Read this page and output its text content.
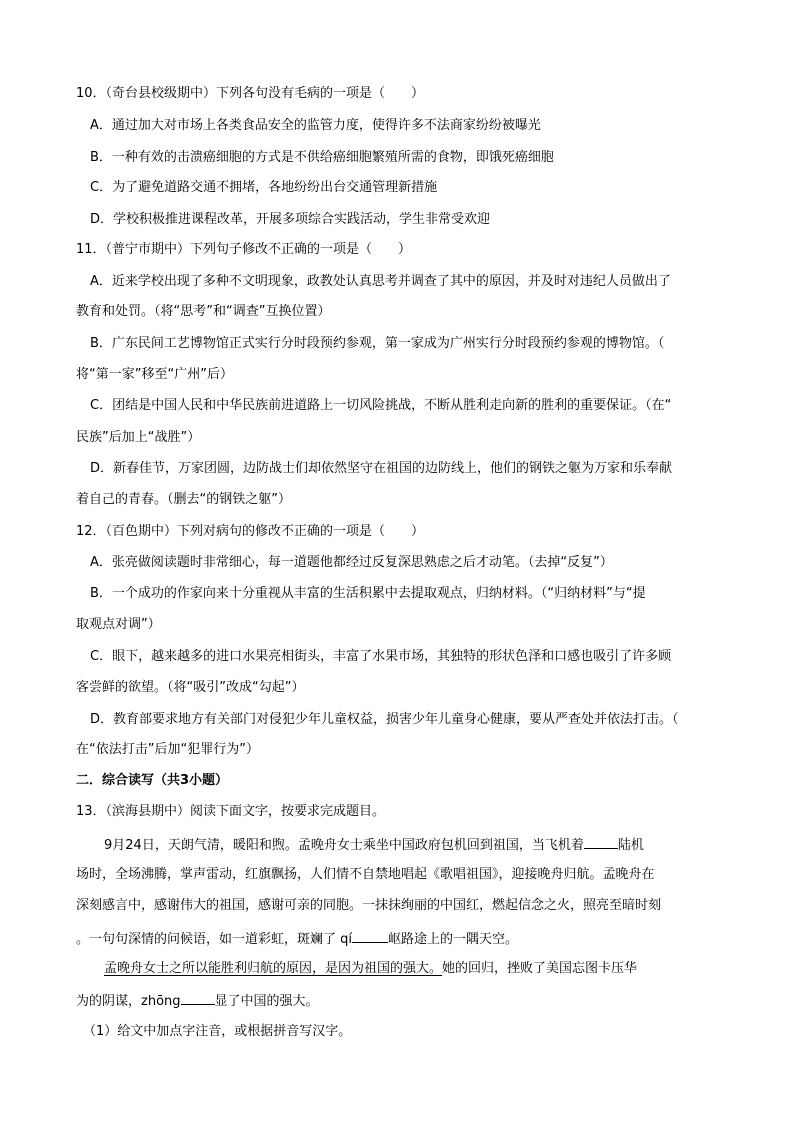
10．（奇台县校级期中）下列各句没有毛病的一项是（　　）
A．通过加大对市场上各类食品安全的监管力度，使得许多不法商家纷纷被曝光
B．一种有效的击溃癌细胞的方式是不供给癌细胞繁殖所需的食物，即饿死癌细胞
C．为了避免道路交通不拥堵，各地纷纷出台交通管理新措施
D．学校积极推进课程改革，开展多项综合实践活动，学生非常受欢迎
11．（普宁市期中）下列句子修改不正确的一项是（　　）
A．近来学校出现了多种不文明现象，政教处认真思考并调查了其中的原因，并及时对违纪人员做出了
教育和处罚。（将“思考”和“调查”互换位置）
B．广东民间工艺博物馆正式实行分时段预约参观，第一家成为广州实行分时段预约参观的博物馆。（
将“第一家”移至“广州”后）
C．团结是中国人民和中华民族前进道路上一切风险挑战，不断从胜利走向新的胜利的重要保证。（在“
民族”后加上“战胜”）
D．新春佳节，万家团圆，边防战士们却依然坚守在祖国的边防线上，他们的钢铁之躯为万家和乐奉献
着自己的青春。（删去“的钢铁之躯”）
12．（百色期中）下列对病句的修改不正确的一项是（　　）
A．张亮做阅读题时非常细心，每一道题他都经过反复深思熟虑之后才动笔。（去掉“反复”）
B．一个成功的作家向来十分重视从丰富的生活积累中去提取观点，归纳材料。（“归纳材料”与“提
取观点对调”）
C．眼下，越来越多的进口水果亮相街头，丰富了水果市场，其独特的形状色泽和口感也吸引了许多顾
客尝鲜的欲望。（将“吸引”改成“勾起”）
D．教育部要求地方有关部门对侵犯少年儿童权益，损害少年儿童身心健康，要从严查处并依法打击。（
在“依法打击”后加“犯罪行为”）
二．综合读写（共3小题）
13．（滨海县期中）阅读下面文字，按要求完成题目。
9月24日，天朗气清，暖阳和煦。孟晚舟女士乘坐中国政府包机回到祖国，当飞机着	陆机
场时，全场沸腾，掌声雷动，红旗飘扬，人们情不自禁地唱起《歌唱祖国》，迎接晚舟归航。孟晚舟在
深刻感言中，感谢伟大的祖国，感谢可亲的同胞。一抹抹绚丽的中国红，燃起信念之火，照亮至暗时刻
。一句句深情的问候语，如一道彩虹，斑斓了 qí	岖路途上的一隅天空。
孟晚舟女士之所以能胜利归航的原因，是因为祖国的强大。她的回归，挫败了美国忘图卡压华
为的阴谋，zhōng	显了中国的强大。
（1）给文中加点字注音，或根据拼音写汉字。
